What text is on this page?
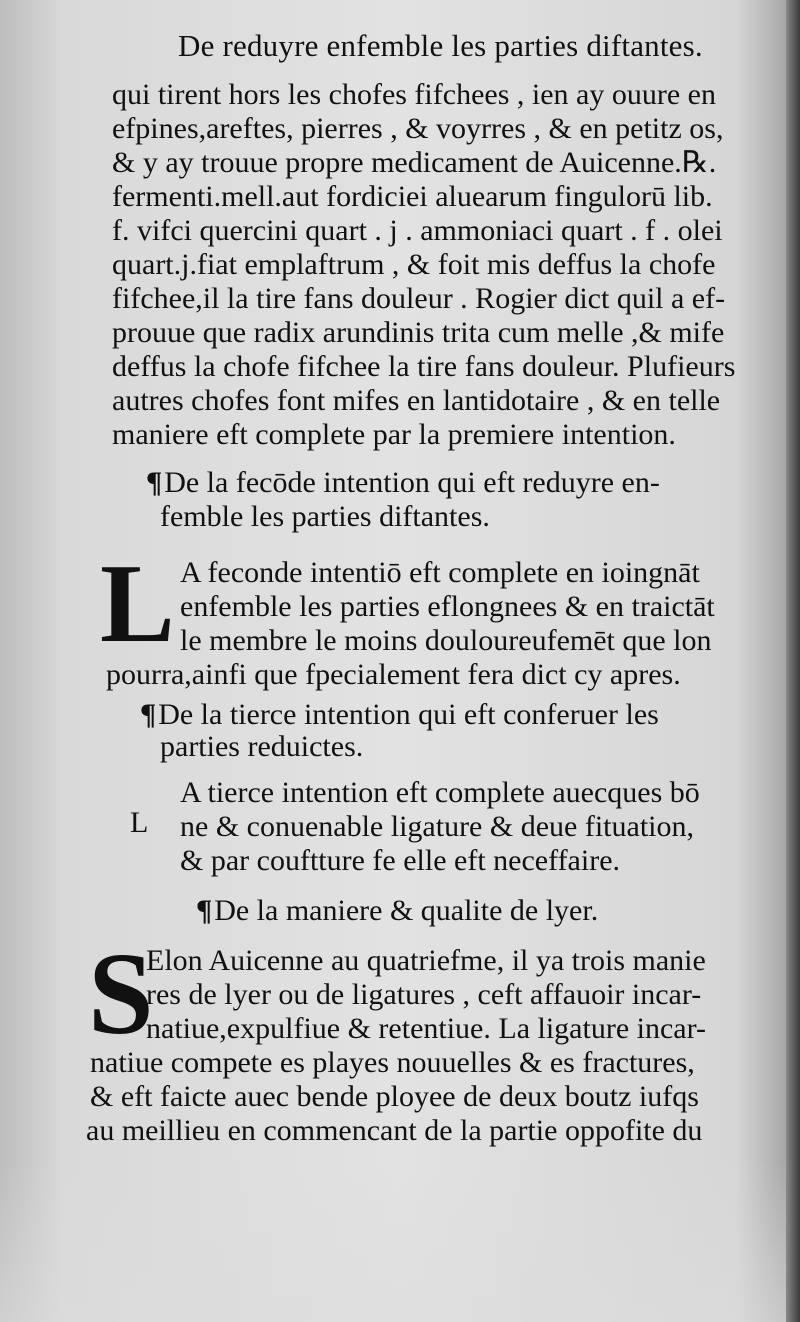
De reduyre enfemble les parties diftantes.
qui tirent hors les chofes fifchees , ien ay ouure en
efpines,areftes, pierres , & voyrres , & en petitz os,
& y ay trouue propre medicament de Auicenne.℞.
fermenti.mell.aut fordiciei aluearum fingulorū lib.
f. vifci quercini quart . j . ammoniaci quart . f . olei
quart.j.fiat emplaftrum , & foit mis deffus la chofe
fifchee,il la tire fans douleur . Rogier dict quil a ef-
prouue que radix arundinis trita cum melle ,& mife
deffus la chofe fifchee la tire fans douleur. Plufieurs
autres chofes font mifes en lantidotaire , & en telle
maniere eft complete par la premiere intention.
¶De la fecōde intention qui eft reduyre en-
femble les parties diftantes.
L A feconde intentiō eft complete en ioingnāt
enfemble les parties eflongnees & en traictāt
le membre le moins douloureufemēt que lon
pourra,ainfi que fpecialement fera dict cy apres.
¶De la tierce intention qui eft conferuer les
parties reduictes.
L
A tierce intention eft complete auecques bō
ne & conuenable ligature & deue fituation,
& par couftture fe elle eft neceffaire.
¶De la maniere & qualite de lyer.
S
Elon Auicenne au quatriefme, il ya trois manie
res de lyer ou de ligatures , ceft affauoir incar-
natiue,expulfiue & retentiue. La ligature incar-
natiue compete es playes nouuelles & es fractures,
& eft faicte auec bende ployee de deux boutz iufqs
au meillieu en commencant de la partie oppofite du
